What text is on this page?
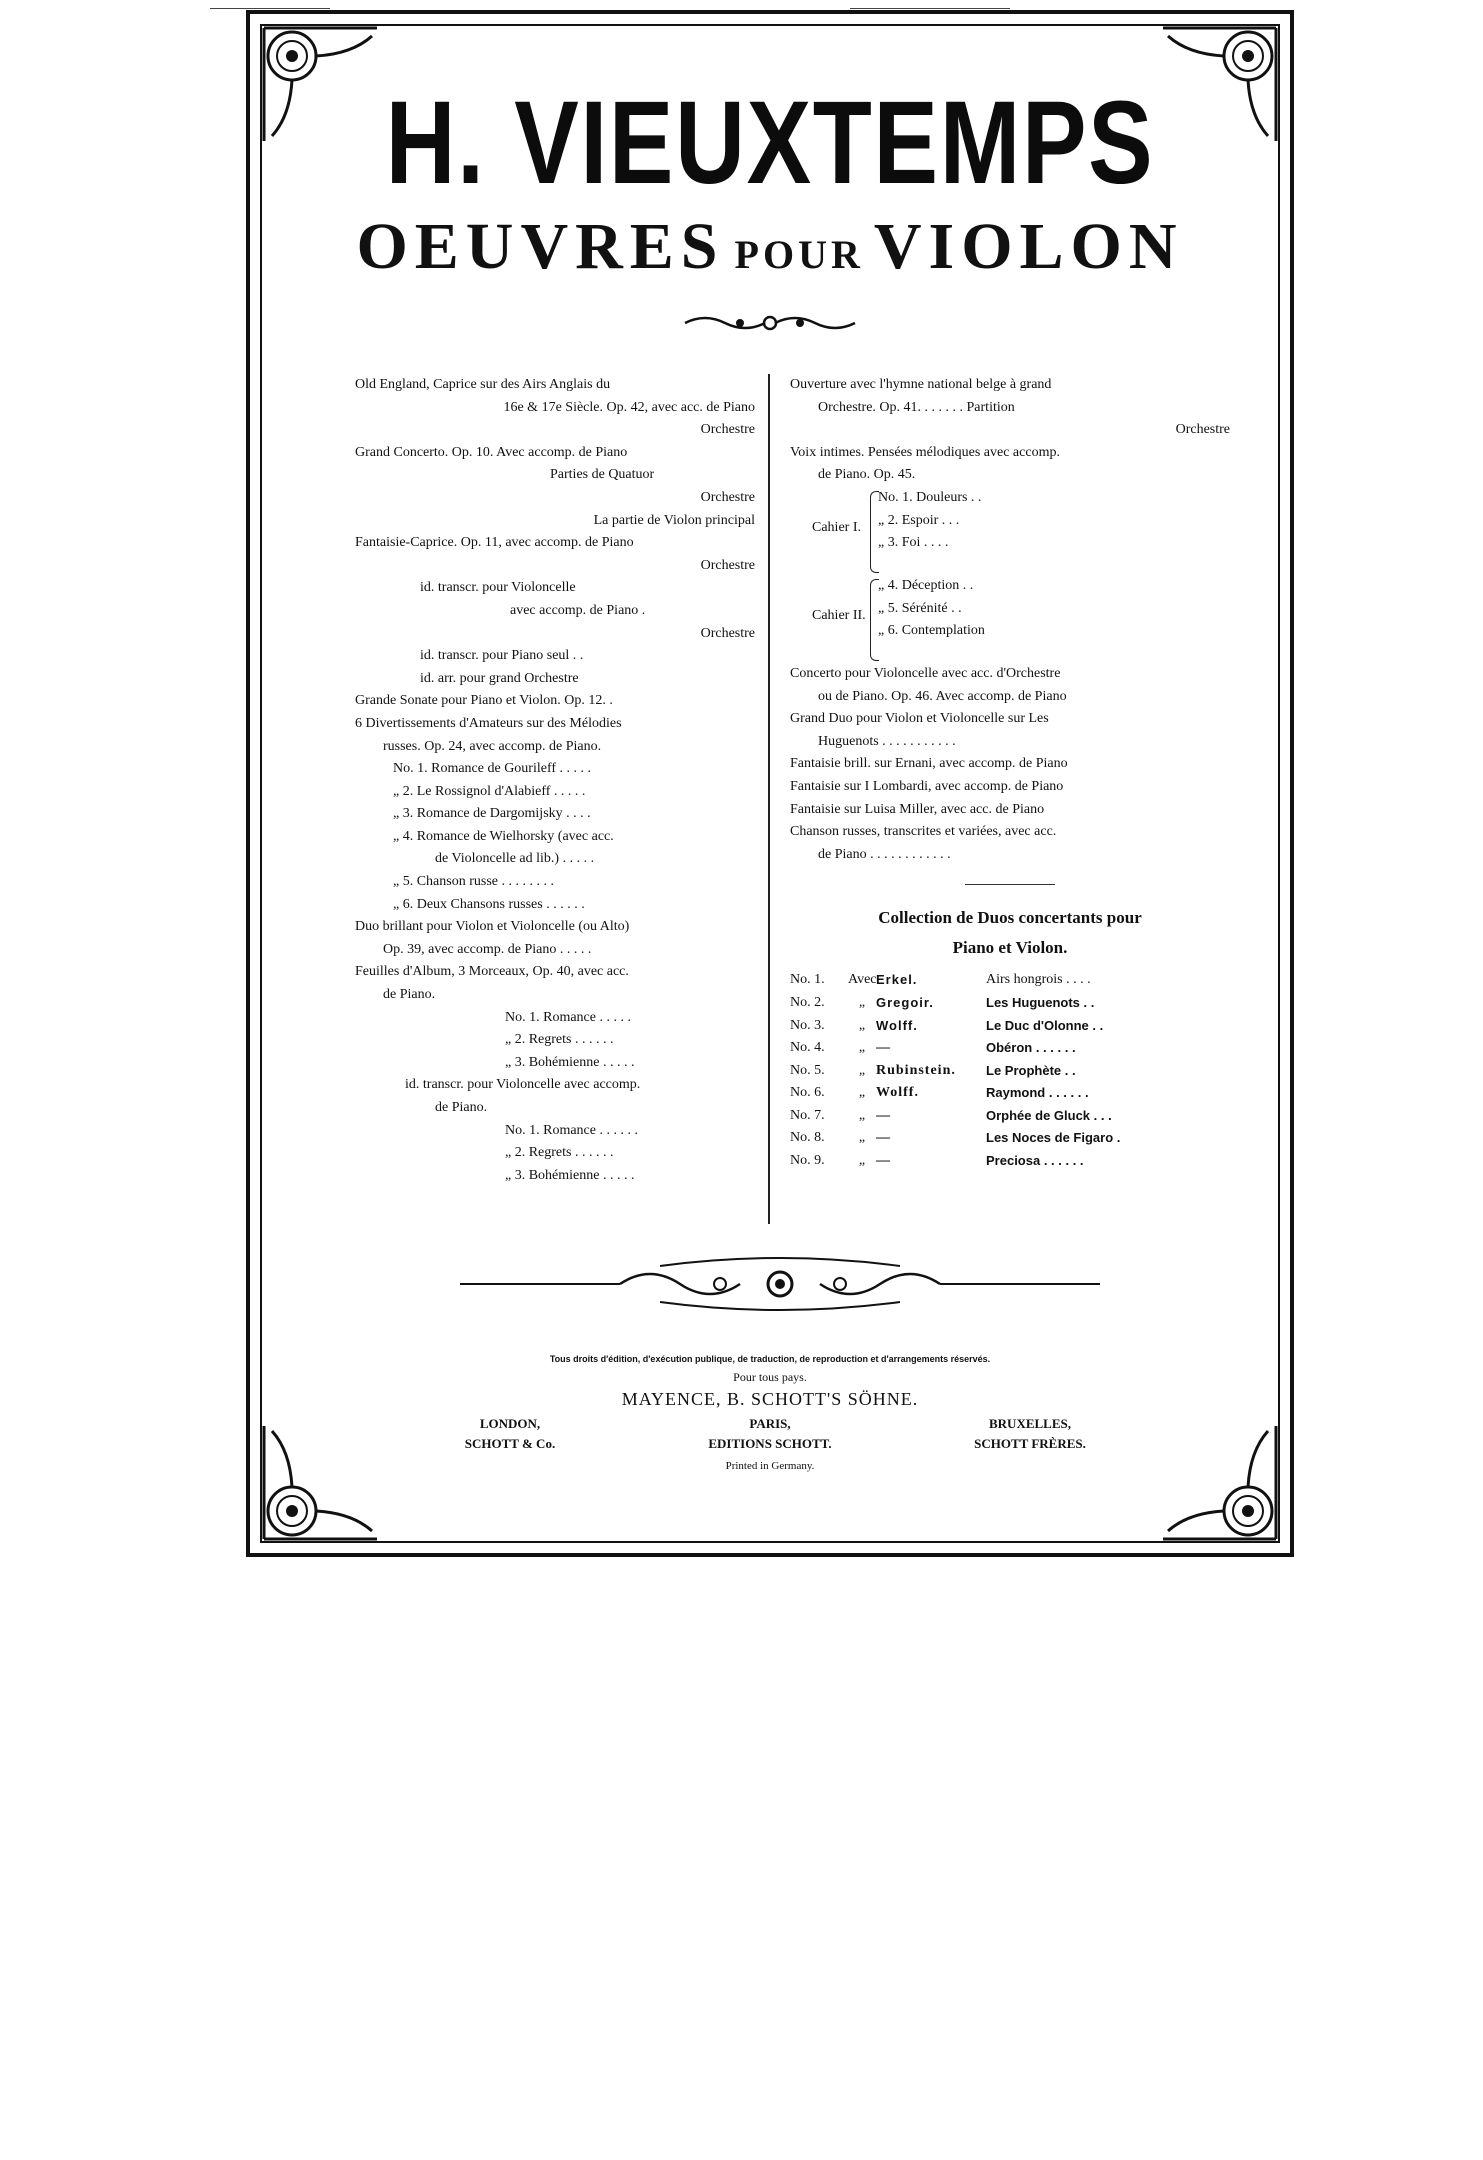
H. VIEUXTEMPS
OEUVRES POUR VIOLON
Old England, Caprice sur des Airs Anglais du
16e & 17e Siècle. Op. 42, avec acc. de Piano
Orchestre
Grand Concerto. Op. 10. Avec accomp. de Piano
Parties de Quatuor
Orchestre
La partie de Violon principal
Fantaisie-Caprice. Op. 11, avec accomp. de Piano
Orchestre
id. transcr. pour Violoncelle
avec accomp. de Piano .
Orchestre
id. transcr. pour Piano seul . .
id. arr. pour grand Orchestre
Grande Sonate pour Piano et Violon. Op. 12. .
6 Divertissements d'Amateurs sur des Mélodies
russes. Op. 24, avec accomp. de Piano.
No. 1. Romance de Gourileff . . . . .
„ 2. Le Rossignol d'Alabieff . . . . .
„ 3. Romance de Dargomijsky . . . .
„ 4. Romance de Wielhorsky (avec acc.
de Violoncelle ad lib.) . . . . .
„ 5. Chanson russe . . . . . . . .
„ 6. Deux Chansons russes . . . . . .
Duo brillant pour Violon et Violoncelle (ou Alto)
Op. 39, avec accomp. de Piano . . . . .
Feuilles d'Album, 3 Morceaux, Op. 40, avec acc.
de Piano.
No. 1. Romance . . . . .
„ 2. Regrets . . . . . .
„ 3. Bohémienne . . . . .
id. transcr. pour Violoncelle avec accomp.
de Piano.
No. 1. Romance . . . . . .
„ 2. Regrets . . . . . .
„ 3. Bohémienne . . . . .
Ouverture avec l'hymne national belge à grand
Orchestre. Op. 41. . . . . . . Partition
Orchestre
Voix intimes. Pensées mélodiques avec accomp.
de Piano. Op. 45.
Cahier I.
No. 1. Douleurs . .
„ 2. Espoir . . .
„ 3. Foi . . . .
Cahier II.
„ 4. Déception . .
„ 5. Sérénité . .
„ 6. Contemplation
Concerto pour Violoncelle avec acc. d'Orchestre
ou de Piano. Op. 46. Avec accomp. de Piano
Grand Duo pour Violon et Violoncelle sur Les
Huguenots . . . . . . . . . . .
Fantaisie brill. sur Ernani, avec accomp. de Piano
Fantaisie sur I Lombardi, avec accomp. de Piano
Fantaisie sur Luisa Miller, avec acc. de Piano
Chanson russes, transcrites et variées, avec acc.
de Piano . . . . . . . . . . . .
Collection de Duos concertants pour
Piano et Violon.
No. 1.	Avec Erkel.	Airs hongrois . . . .
No. 2.	„ Gregoir.	Les Huguenots . .
No. 3.	„ Wolff.	Le Duc d'Olonne . .
No. 4.	„ —	Obéron . . . . . .
No. 5.	„ Rubinstein.	Le Prophète . .
No. 6.	„ Wolff.	Raymond . . . . . .
No. 7.	„ —	Orphée de Gluck . . .
No. 8.	„ —	Les Noces de Figaro .
No. 9.	„ —	Preciosa . . . . . .
Tous droits d'édition, d'exécution publique, de traduction, de reproduction et d'arrangements réservés.
Pour tous pays.
MAYENCE, B. SCHOTT'S SÖHNE.
LONDON,
SCHOTT & Co.
PARIS,
EDITIONS SCHOTT.
BRUXELLES,
SCHOTT FRÈRES.
Printed in Germany.
